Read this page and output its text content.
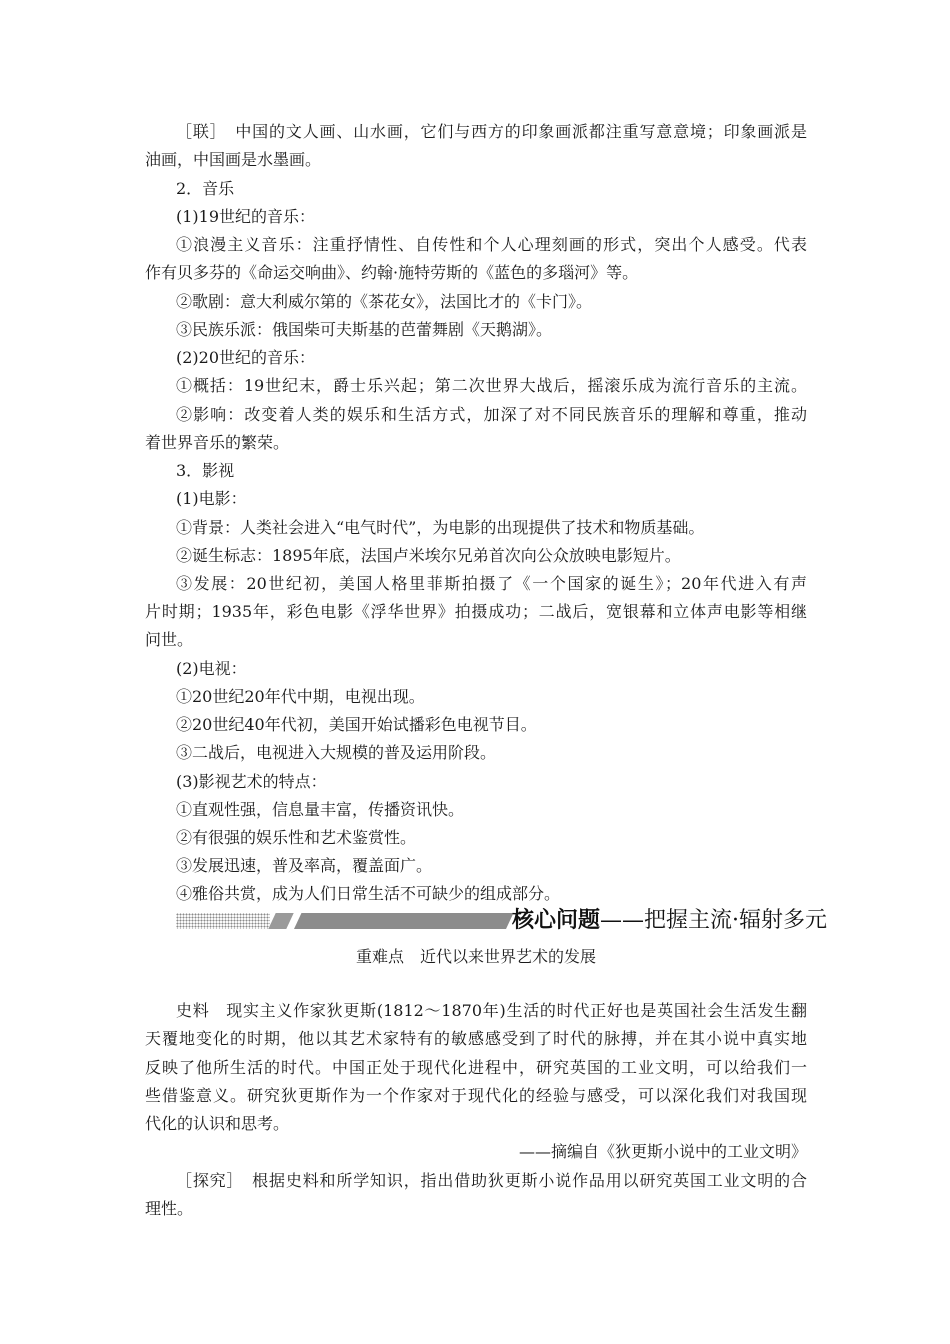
［联］　中国的文人画、山水画，它们与西方的印象画派都注重写意意境；印象画派是
油画，中国画是水墨画。
2．音乐
(1)19世纪的音乐：
①浪漫主义音乐：注重抒情性、自传性和个人心理刻画的形式，突出个人感受。代表
作有贝多芬的《命运交响曲》、约翰·施特劳斯的《蓝色的多瑙河》等。
②歌剧：意大利威尔第的《茶花女》，法国比才的《卡门》。
③民族乐派：俄国柴可夫斯基的芭蕾舞剧《天鹅湖》。
(2)20世纪的音乐：
①概括：19世纪末，爵士乐兴起；第二次世界大战后，摇滚乐成为流行音乐的主流。
②影响：改变着人类的娱乐和生活方式，加深了对不同民族音乐的理解和尊重，推动
着世界音乐的繁荣。
3．影视
(1)电影：
①背景：人类社会进入“电气时代”，为电影的出现提供了技术和物质基础。
②诞生标志：1895年底，法国卢米埃尔兄弟首次向公众放映电影短片。
③发展：20世纪初，美国人格里菲斯拍摄了《一个国家的诞生》；20年代进入有声
片时期；1935年，彩色电影《浮华世界》拍摄成功；二战后，宽银幕和立体声电影等相继
问世。
(2)电视：
①20世纪20年代中期，电视出现。
②20世纪40年代初，美国开始试播彩色电视节目。
③二战后，电视进入大规模的普及运用阶段。
(3)影视艺术的特点：
①直观性强，信息量丰富，传播资讯快。
②有很强的娱乐性和艺术鉴赏性。
③发展迅速，普及率高，覆盖面广。
④雅俗共赏，成为人们日常生活不可缺少的组成部分。
核心问题——把握主流·辐射多元
重难点　近代以来世界艺术的发展
史料　现实主义作家狄更斯(1812～1870年)生活的时代正好也是英国社会生活发生翻
天覆地变化的时期，他以其艺术家特有的敏感感受到了时代的脉搏，并在其小说中真实地
反映了他所生活的时代。中国正处于现代化进程中，研究英国的工业文明，可以给我们一
些借鉴意义。研究狄更斯作为一个作家对于现代化的经验与感受，可以深化我们对我国现
代化的认识和思考。
——摘编自《狄更斯小说中的工业文明》
［探究］　根据史料和所学知识，指出借助狄更斯小说作品用以研究英国工业文明的合
理性。
